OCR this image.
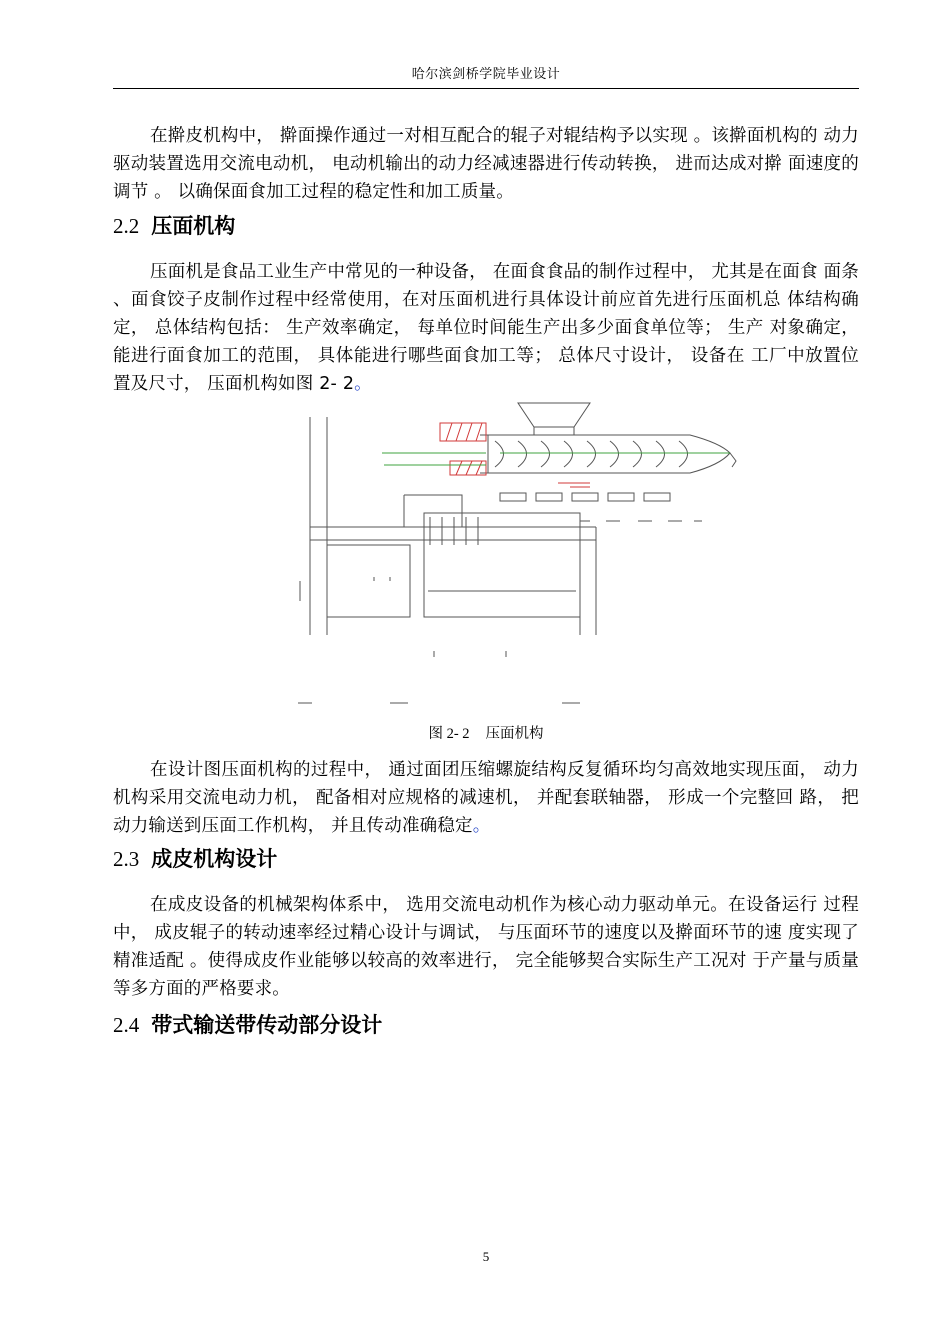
哈尔滨剑桥学院毕业设计

在擀皮机构中， 擀面操作通过一对相互配合的辊子对辊结构予以实现 。该擀面机构的 动力驱动装置选用交流电动机， 电动机输出的动力经减速器进行传动转换， 进而达成对擀 面速度的调节 。 以确保面食加工过程的稳定性和加工质量。

2.2 压面机构

压面机是食品工业生产中常见的一种设备， 在面食食品的制作过程中， 尤其是在面食 面条 、面食饺子皮制作过程中经常使用，在对压面机进行具体设计前应首先进行压面机总 体结构确定， 总体结构包括： 生产效率确定， 每单位时间能生产出多少面食单位等； 生产 对象确定， 能进行面食加工的范围， 具体能进行哪些面食加工等； 总体尺寸设计， 设备在 工厂中放置位置及尺寸， 压面机构如图 2- 2。

图 2- 2 压面机构

在设计图压面机构的过程中， 通过面团压缩螺旋结构反复循环均匀高效地实现压面， 动力机构采用交流电动力机， 配备相对应规格的减速机， 并配套联轴器， 形成一个完整回 路， 把动力输送到压面工作机构， 并且传动准确稳定。

2.3 成皮机构设计

在成皮设备的机械架构体系中， 选用交流电动机作为核心动力驱动单元。在设备运行 过程中， 成皮辊子的转动速率经过精心设计与调试， 与压面环节的速度以及擀面环节的速 度实现了精准适配 。使得成皮作业能够以较高的效率进行， 完全能够契合实际生产工况对 于产量与质量等多方面的严格要求。

2.4 带式输送带传动部分设计
5
